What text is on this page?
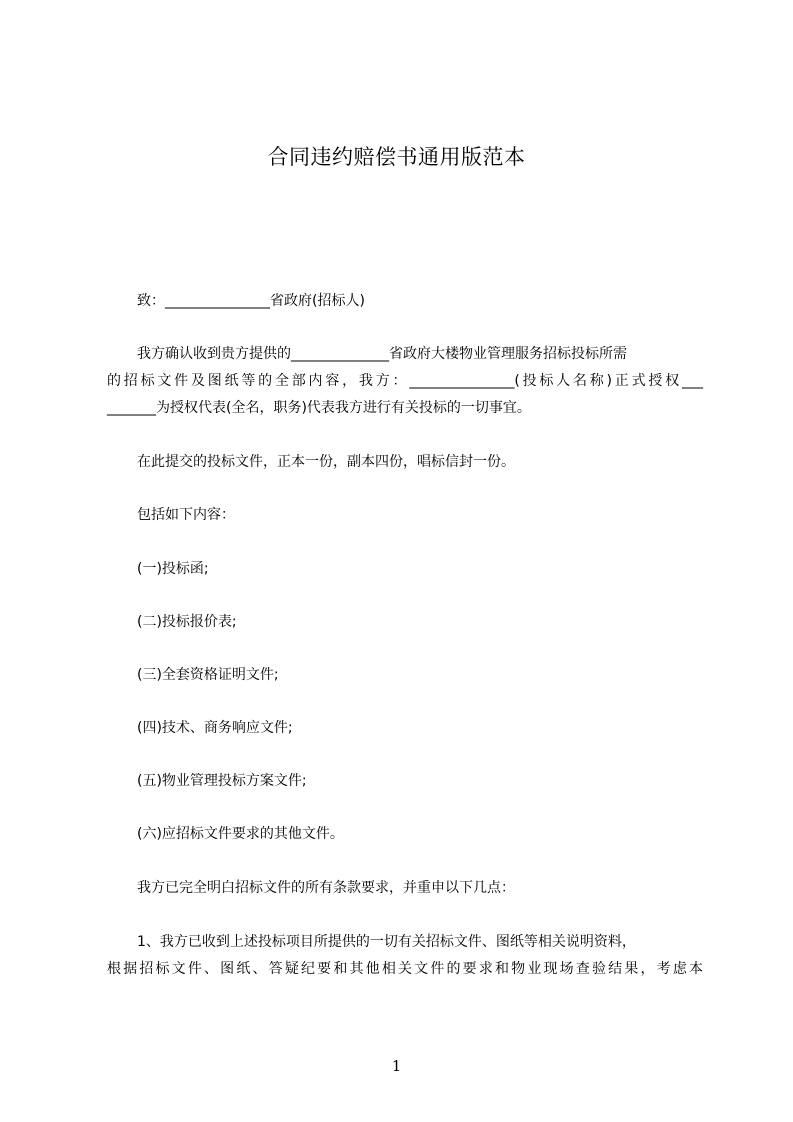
合同违约赔偿书通用版范本
致：_______________省政府(招标人)
我方确认收到贵方提供的______________省政府大楼物业管理服务招标投标所需
的招标文件及图纸等的全部内容，我方：_______________(投标人名称)正式授权___
_______为授权代表(全名，职务)代表我方进行有关投标的一切事宜。
在此提交的投标文件，正本一份，副本四份，唱标信封一份。
包括如下内容：
(一)投标函;
(二)投标报价表;
(三)全套资格证明文件;
(四)技术、商务响应文件;
(五)物业管理投标方案文件;
(六)应招标文件要求的其他文件。
我方已完全明白招标文件的所有条款要求，并重申以下几点：
1、我方已收到上述投标项目所提供的一切有关招标文件、图纸等相关说明资料，
根据招标文件、图纸、答疑纪要和其他相关文件的要求和物业现场查验结果，考虑本
1
